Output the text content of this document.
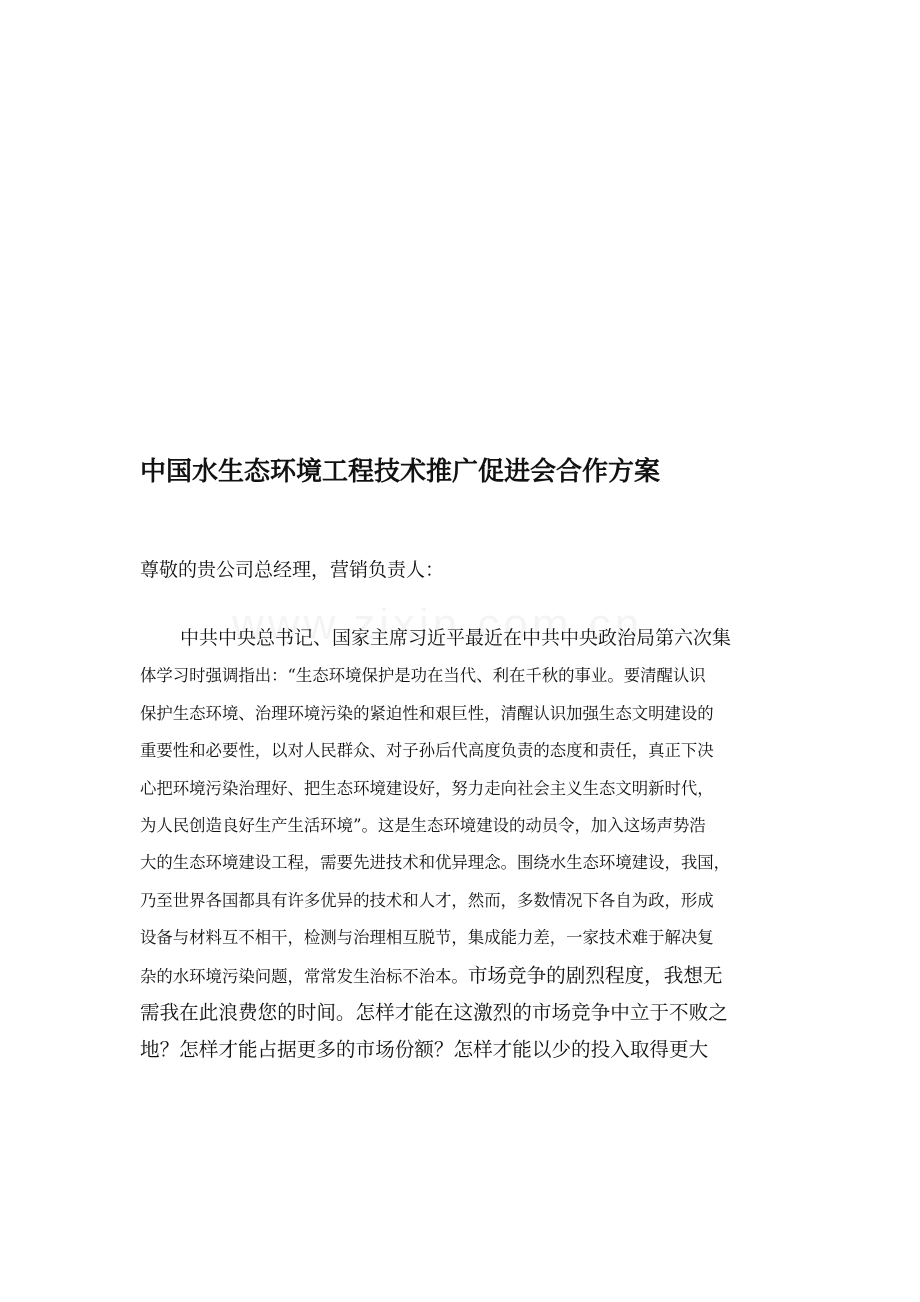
中国水生态环境工程技术推广促进会合作方案
尊敬的贵公司总经理，营销负责人：
中共中央总书记、国家主席习近平最近在中共中央政治局第六次集
体学习时强调指出：“生态环境保护是功在当代、利在千秋的事业。要清醒认识
保护生态环境、治理环境污染的紧迫性和艰巨性，清醒认识加强生态文明建设的
重要性和必要性，以对人民群众、对子孙后代高度负责的态度和责任，真正下决
心把环境污染治理好、把生态环境建设好，努力走向社会主义生态文明新时代，
为人民创造良好生产生活环境”。这是生态环境建设的动员令，加入这场声势浩
大的生态环境建设工程，需要先进技术和优异理念。围绕水生态环境建设，我国，
乃至世界各国都具有许多优异的技术和人才，然而，多数情况下各自为政，形成
设备与材料互不相干，检测与治理相互脱节，集成能力差，一家技术难于解决复
杂的水环境污染问题，常常发生治标不治本。市场竞争的剧烈程度，我想无
需我在此浪费您的时间。怎样才能在这激烈的市场竞争中立于不败之
地？怎样才能占据更多的市场份额？怎样才能以少的投入取得更大
